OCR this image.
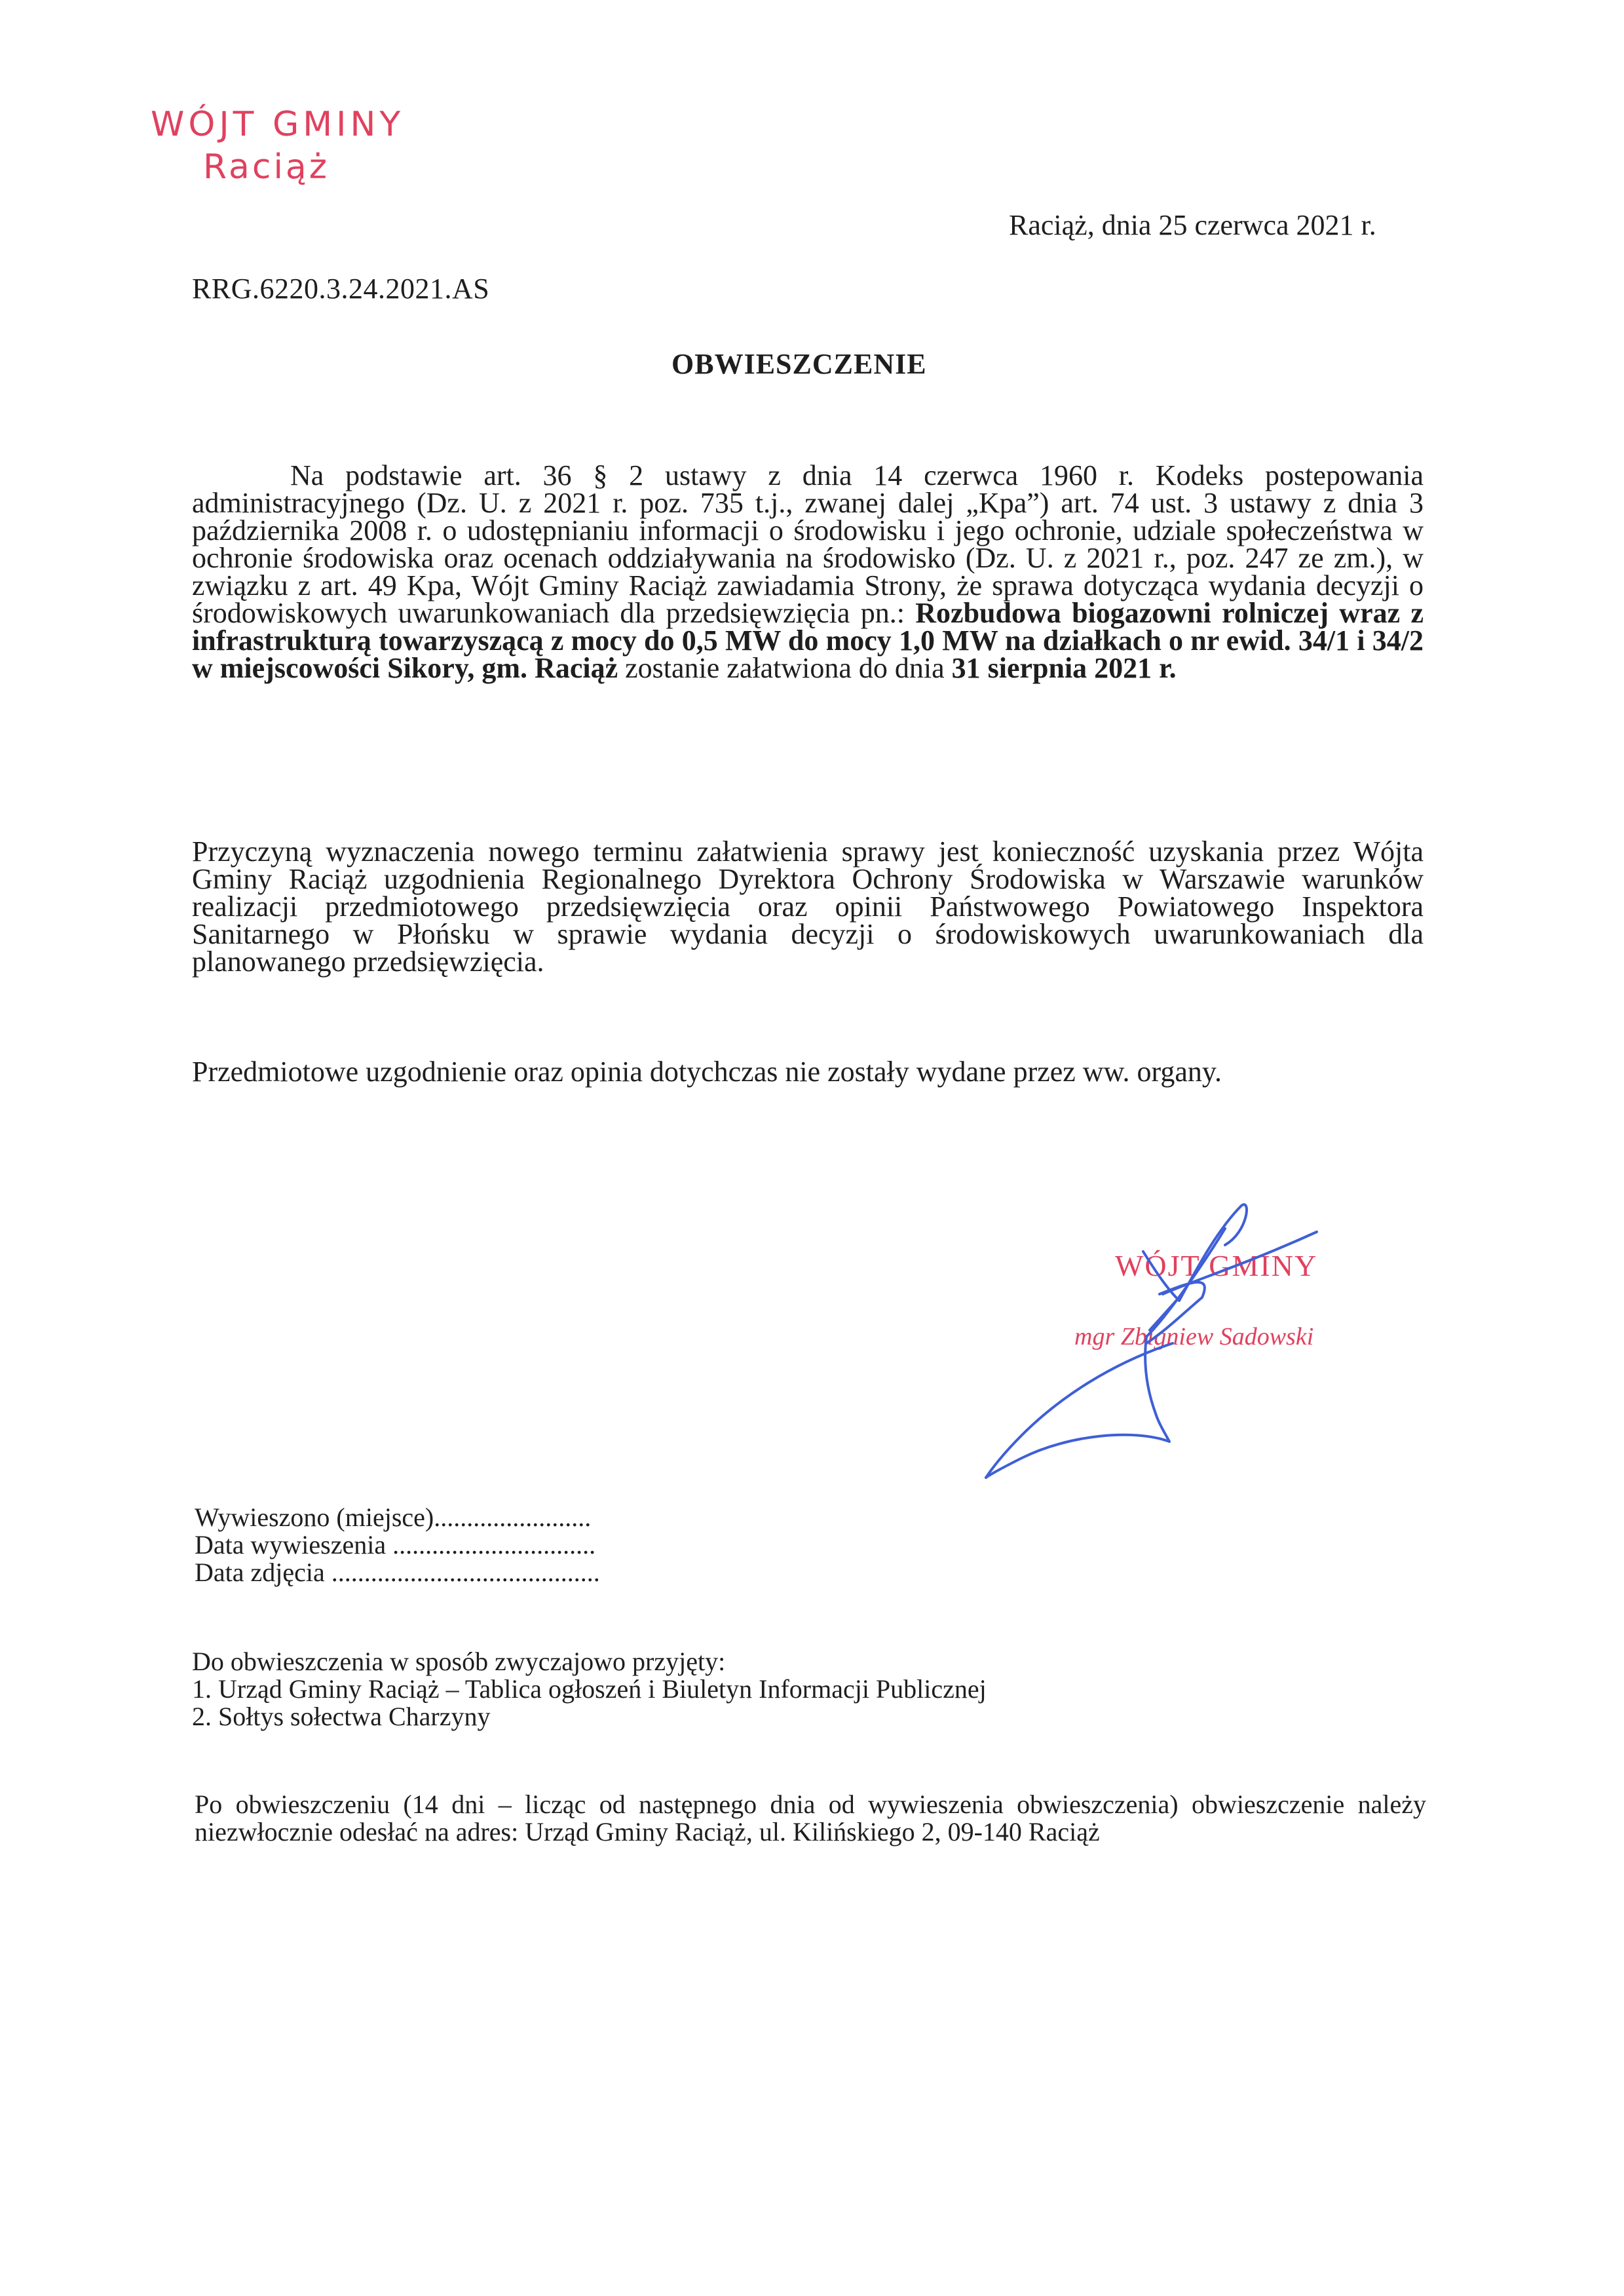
WÓJT GMINY
Raciąż
Raciąż, dnia 25 czerwca 2021 r.
RRG.6220.3.24.2021.AS
OBWIESZCZENIE

Na podstawie art. 36 § 2 ustawy z dnia 14 czerwca 1960 r. Kodeks postepowania administracyjnego (Dz. U. z 2021 r. poz. 735 t.j., zwanej dalej „Kpa”) art. 74 ust. 3 ustawy z dnia 3 października 2008 r. o udostępnianiu informacji o środowisku i jego ochronie, udziale społeczeństwa w ochronie środowiska oraz ocenach oddziaływania na środowisko (Dz. U. z 2021 r., poz. 247 ze zm.), w związku z art. 49 Kpa, Wójt Gminy Raciąż zawiadamia Strony, że sprawa dotycząca wydania decyzji o środowiskowych uwarunkowaniach dla przedsięwzięcia pn.: Rozbudowa biogazowni rolniczej wraz z infrastrukturą towarzyszącą z mocy do 0,5 MW do mocy 1,0 MW na działkach o nr ewid. 34/1 i 34/2 w miejscowości Sikory, gm. Raciąż zostanie załatwiona do dnia 31 sierpnia 2021 r.

Przyczyną wyznaczenia nowego terminu załatwienia sprawy jest konieczność uzyskania przez Wójta Gminy Raciąż uzgodnienia Regionalnego Dyrektora Ochrony Środowiska w Warszawie warunków realizacji przedmiotowego przedsięwzięcia oraz opinii Państwowego Powiatowego Inspektora Sanitarnego w Płońsku w sprawie wydania decyzji o środowiskowych uwarunkowaniach dla planowanego przedsięwzięcia.

Przedmiotowe uzgodnienie oraz opinia dotychczas nie zostały wydane przez ww. organy.

WÓJT GMINY
mgr Zbigniew Sadowski
Wywieszono (miejsce)........................
Data wywieszenia ...............................
Data zdjęcia .........................................
Do obwieszczenia w sposób zwyczajowo przyjęty:
1. Urząd Gminy Raciąż – Tablica ogłoszeń i Biuletyn Informacji Publicznej
2. Sołtys sołectwa Charzyny

Po obwieszczeniu (14 dni – licząc od następnego dnia od wywieszenia obwieszczenia) obwieszczenie należy niezwłocznie odesłać na adres: Urząd Gminy Raciąż, ul. Kilińskiego 2, 09-140 Raciąż
